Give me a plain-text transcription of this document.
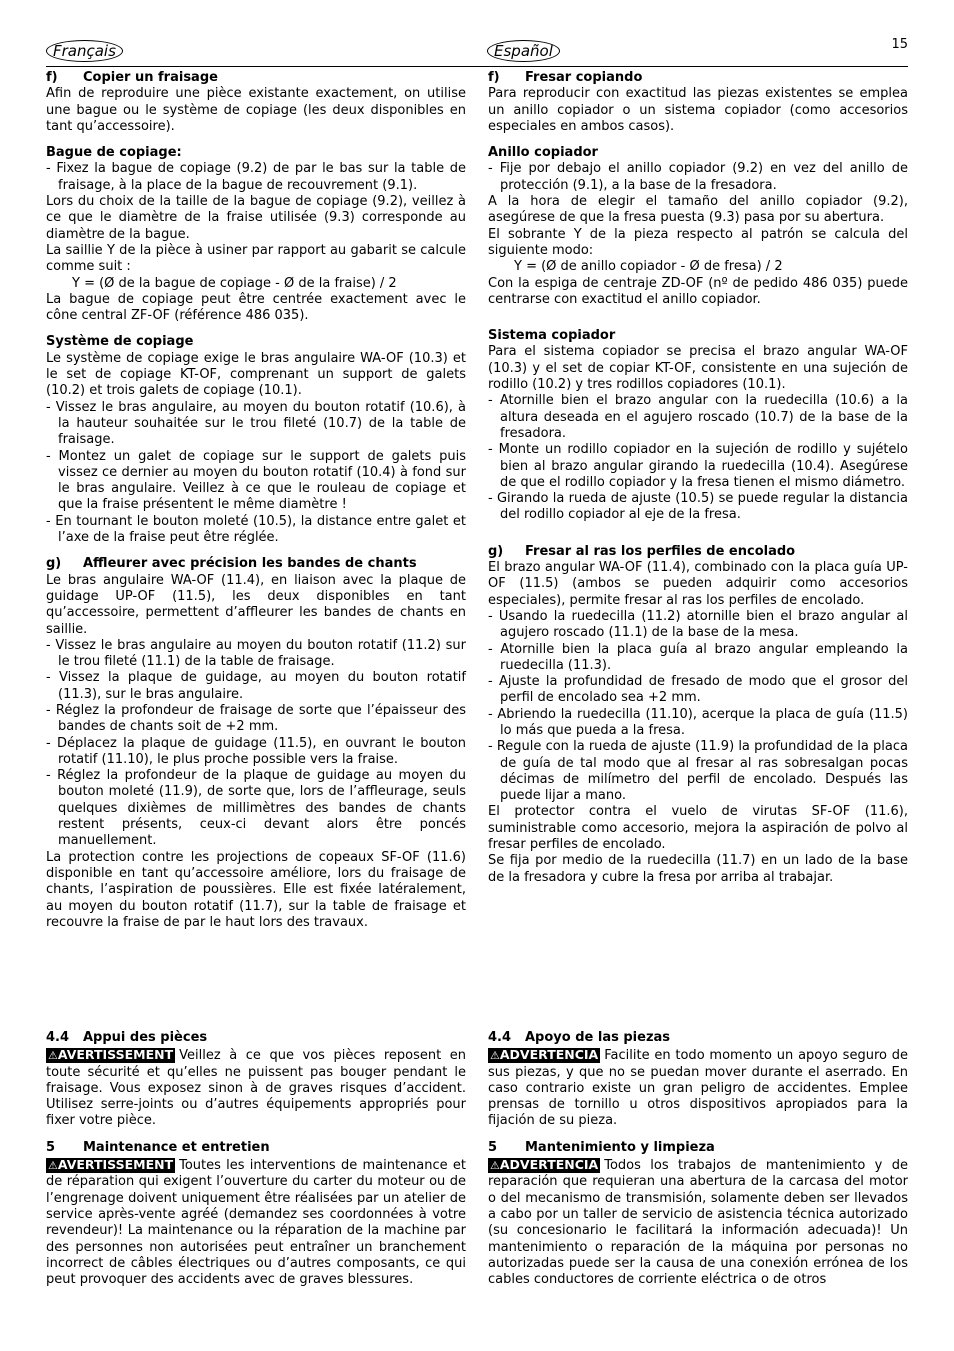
Français	Español	15

f) Copier un fraisage

Afin de reproduire une pièce existante exactement, on utilise une bague ou le système de copiage (les deux disponibles en tant qu’accessoire).

Bague de copiage:

- Fixez la bague de copiage (9.2) de par le bas sur la table de fraisage, à la place de la bague de recouvrement (9.1).

Lors du choix de la taille de la bague de copiage (9.2), veillez à ce que le diamètre de la fraise utilisée (9.3) corresponde au diamètre de la bague.

La saillie Y de la pièce à usiner par rapport au gabarit se calcule comme suit :

Y = (Ø de la bague de copiage - Ø de la fraise) / 2

La bague de copiage peut être centrée exactement avec le cône central ZF-OF (référence 486 035).

Système de copiage

Le système de copiage exige le bras angulaire WA-OF (10.3) et le set de copiage KT-OF, comprenant un support de galets (10.2) et trois galets de copiage (10.1).

- Vissez le bras angulaire, au moyen du bouton rotatif (10.6), à la hauteur souhaitée sur le trou fileté (10.7) de la table de fraisage.

- Montez un galet de copiage sur le support de galets puis vissez ce dernier au moyen du bouton rotatif (10.4) à fond sur le bras angulaire. Veillez à ce que le rouleau de copiage et que la fraise présentent le même diamètre !

- En tournant le bouton moleté (10.5), la distance entre galet et l’axe de la fraise peut être réglée.

g) Affleurer avec précision les bandes de chants

Le bras angulaire WA-OF (11.4), en liaison avec la plaque de guidage UP-OF (11.5), les deux disponibles en tant qu’accessoire, permettent d’affleurer les bandes de chants en saillie.

- Vissez le bras angulaire au moyen du bouton rotatif (11.2) sur le trou fileté (11.1) de la table de fraisage.

- Vissez la plaque de guidage, au moyen du bouton rotatif (11.3), sur le bras angulaire.

- Réglez la profondeur de fraisage de sorte que l’épaisseur des bandes de chants soit de +2 mm.

- Déplacez la plaque de guidage (11.5), en ouvrant le bouton rotatif (11.10), le plus proche possible vers la fraise.

- Réglez la profondeur de la plaque de guidage au moyen du bouton moleté (11.9), de sorte que, lors de l’affleurage, seuls quelques dixièmes de millimètres des bandes de chants restent présents, ceux-ci devant alors être poncés manuellement.

La protection contre les projections de copeaux SF-OF (11.6) disponible en tant qu’accessoire améliore, lors du fraisage de chants, l’aspiration de poussières. Elle est fixée latéralement, au moyen du bouton rotatif (11.7), sur la table de fraisage et recouvre la fraise de par le haut lors des travaux.

f) Fresar copiando

Para reproducir con exactitud las piezas existentes se emplea un anillo copiador o un sistema copiador (como accesorios especiales en ambos casos).

Anillo copiador

- Fije por debajo el anillo copiador (9.2) en vez del anillo de protección (9.1), a la base de la fresadora.

A la hora de elegir el tamaño del anillo copiador (9.2), asegúrese de que la fresa puesta (9.3) pasa por su abertura.

El sobrante Y de la pieza respecto al patrón se calcula del siguiente modo:

Y = (Ø de anillo copiador - Ø de fresa) / 2

Con la espiga de centraje ZD-OF (nº de pedido 486 035) puede centrarse con exactitud el anillo copiador.

Sistema copiador

Para el sistema copiador se precisa el brazo angular WA-OF (10.3) y el set de copiar KT-OF, consistente en una sujeción de rodillo (10.2) y tres rodillos copiadores (10.1).

- Atornille bien el brazo angular con la ruedecilla (10.6) a la altura deseada en el agujero roscado (10.7) de la base de la fresadora.

- Monte un rodillo copiador en la sujeción de rodillo y sujételo bien al brazo angular girando la ruedecilla (10.4). Asegúrese de que el rodillo copiador y la fresa tienen el mismo diámetro.

- Girando la rueda de ajuste (10.5) se puede regular la distancia del rodillo copiador al eje de la fresa.

g) Fresar al ras los perfiles de encolado

El brazo angular WA-OF (11.4), combinado con la placa guía UP-OF (11.5) (ambos se pueden adquirir como accesorios especiales), permite fresar al ras los perfiles de encolado.

- Usando la ruedecilla (11.2) atornille bien el brazo angular al agujero roscado (11.1) de la base de la mesa.

- Atornille bien la placa guía al brazo angular empleando la ruedecilla (11.3).

- Ajuste la profundidad de fresado de modo que el grosor del perfil de encolado sea +2 mm.

- Abriendo la ruedecilla (11.10), acerque la placa de guía (11.5) lo más que pueda a la fresa.

- Regule con la rueda de ajuste (11.9) la profundidad de la placa de guía de tal modo que al fresar al ras sobresalgan pocas décimas de milímetro del perfil de encolado. Después las puede lijar a mano.

El protector contra el vuelo de virutas SF-OF (11.6), suministrable como accesorio, mejora la aspiración de polvo al fresar perfiles de encolado.

Se fija por medio de la ruedecilla (11.7) en un lado de la base de la fresadora y cubre la fresa por arriba al trabajar.

4.4 Appui des pièces

⚠AVERTISSEMENT Veillez à ce que vos pièces reposent en toute sécurité et qu’elles ne puissent pas bouger pendant le fraisage. Vous exposez sinon à de graves risques d’accident. Utilisez serre-joints ou d’autres équipements appropriés pour fixer votre pièce.

5 Maintenance et entretien

⚠AVERTISSEMENT Toutes les interventions de maintenance et de réparation qui exigent l’ouverture du carter du moteur ou de l’engrenage doivent uniquement être réalisées par un atelier de service après-vente agréé (demandez ses coordonnées à votre revendeur)! La maintenance ou la réparation de la machine par des personnes non autorisées peut entraîner un branchement incorrect de câbles électriques ou d’autres composants, ce qui peut provoquer des accidents avec de graves blessures.

4.4 Apoyo de las piezas

⚠ADVERTENCIA Facilite en todo momento un apoyo seguro de sus piezas, y que no se puedan mover durante el aserrado. En caso contrario existe un gran peligro de accidentes. Emplee prensas de tornillo u otros dispositivos apropiados para la fijación de su pieza.

5 Mantenimiento y limpieza

⚠ADVERTENCIA Todos los trabajos de mantenimiento y de reparación que requieran una abertura de la carcasa del motor o del mecanismo de transmisión, solamente deben ser llevados a cabo por un taller de servicio de asistencia técnica autorizado (su concesionario le facilitará la información adecuada)! Un mantenimiento o reparación de la máquina por personas no autorizadas puede ser la causa de una conexión errónea de los cables conductores de corriente eléctrica o de otros
